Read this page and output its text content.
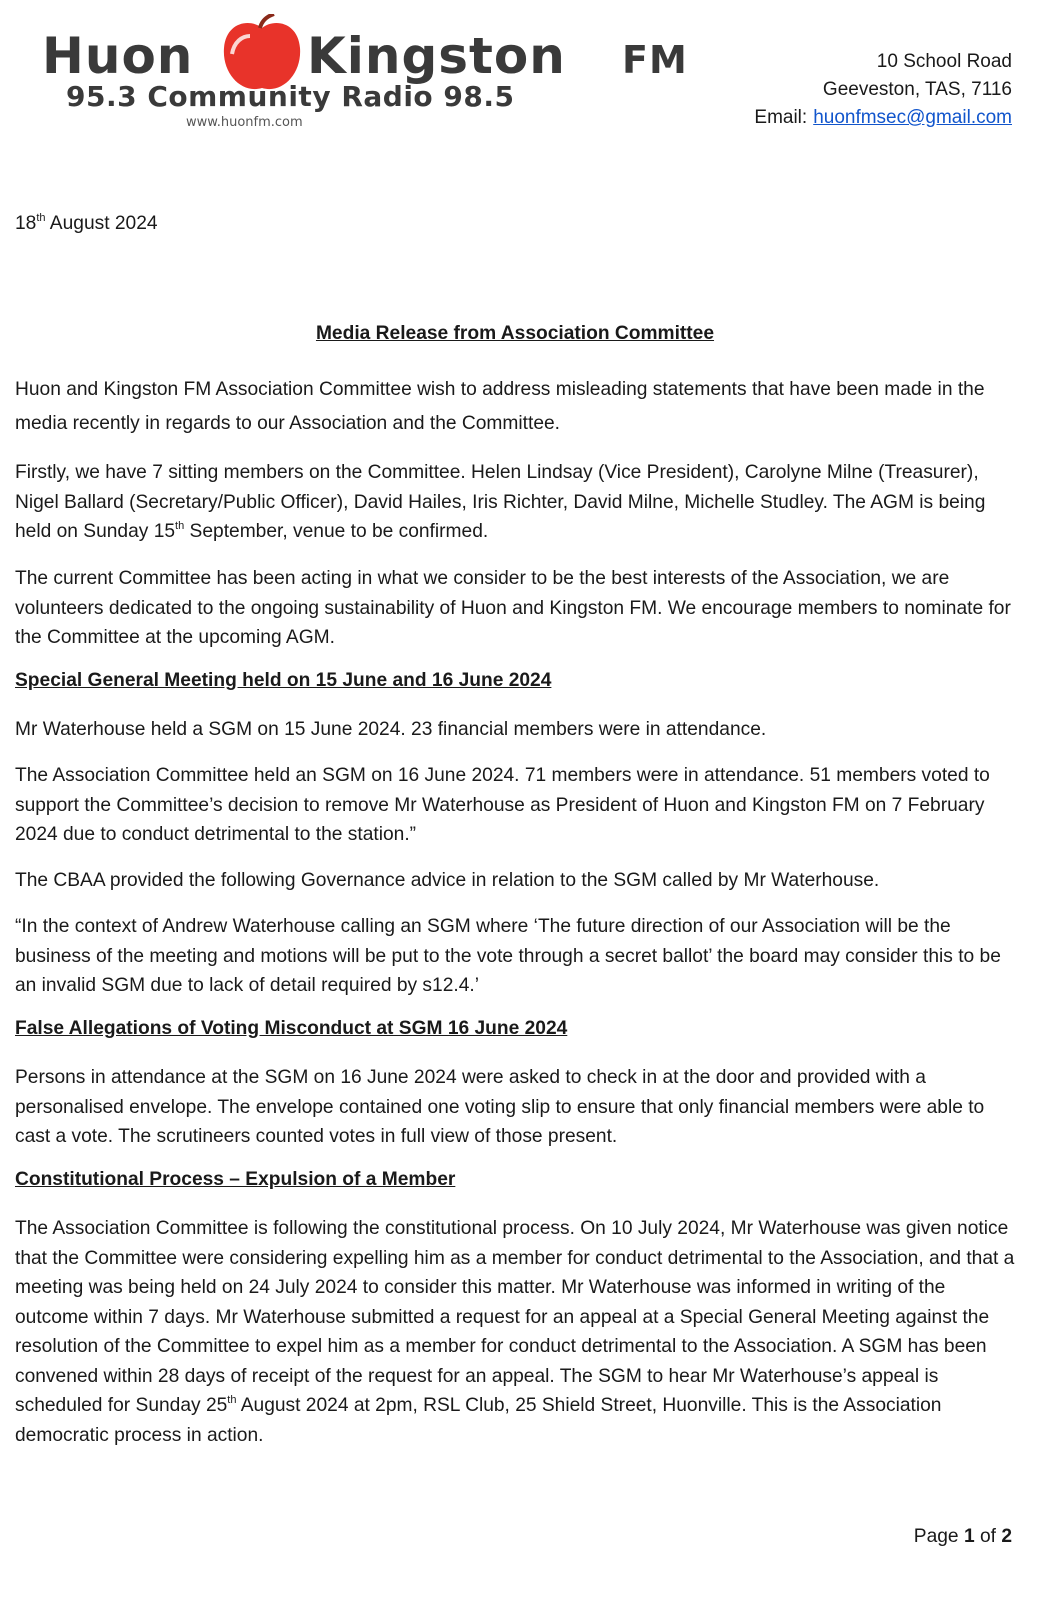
Huon Kingston FM
95.3 Community Radio 98.5
www.huonfm.com
10 School Road
Geeveston, TAS, 7116
Email: huonfmsec@gmail.com
18th August 2024
Media Release from Association Committee

Huon and Kingston FM Association Committee wish to address misleading statements that have been made in the media recently in regards to our Association and the Committee.

Firstly, we have 7 sitting members on the Committee. Helen Lindsay (Vice President), Carolyne Milne (Treasurer), Nigel Ballard (Secretary/Public Officer), David Hailes, Iris Richter, David Milne, Michelle Studley. The AGM is being held on Sunday 15th September, venue to be confirmed.

The current Committee has been acting in what we consider to be the best interests of the Association, we are volunteers dedicated to the ongoing sustainability of Huon and Kingston FM. We encourage members to nominate for the Committee at the upcoming AGM.

Special General Meeting held on 15 June and 16 June 2024

Mr Waterhouse held a SGM on 15 June 2024. 23 financial members were in attendance.

The Association Committee held an SGM on 16 June 2024. 71 members were in attendance. 51 members voted to support the Committee’s decision to remove Mr Waterhouse as President of Huon and Kingston FM on 7 February 2024 due to conduct detrimental to the station.”

The CBAA provided the following Governance advice in relation to the SGM called by Mr Waterhouse.

“In the context of Andrew Waterhouse calling an SGM where ‘The future direction of our Association will be the business of the meeting and motions will be put to the vote through a secret ballot’ the board may consider this to be an invalid SGM due to lack of detail required by s12.4.’

False Allegations of Voting Misconduct at SGM 16 June 2024

Persons in attendance at the SGM on 16 June 2024 were asked to check in at the door and provided with a personalised envelope. The envelope contained one voting slip to ensure that only financial members were able to cast a vote. The scrutineers counted votes in full view of those present.

Constitutional Process – Expulsion of a Member

The Association Committee is following the constitutional process. On 10 July 2024, Mr Waterhouse was given notice that the Committee were considering expelling him as a member for conduct detrimental to the Association, and that a meeting was being held on 24 July 2024 to consider this matter. Mr Waterhouse was informed in writing of the outcome within 7 days. Mr Waterhouse submitted a request for an appeal at a Special General Meeting against the resolution of the Committee to expel him as a member for conduct detrimental to the Association. A SGM has been convened within 28 days of receipt of the request for an appeal. The SGM to hear Mr Waterhouse’s appeal is scheduled for Sunday 25th August 2024 at 2pm, RSL Club, 25 Shield Street, Huonville. This is the Association democratic process in action.

Page 1 of 2
